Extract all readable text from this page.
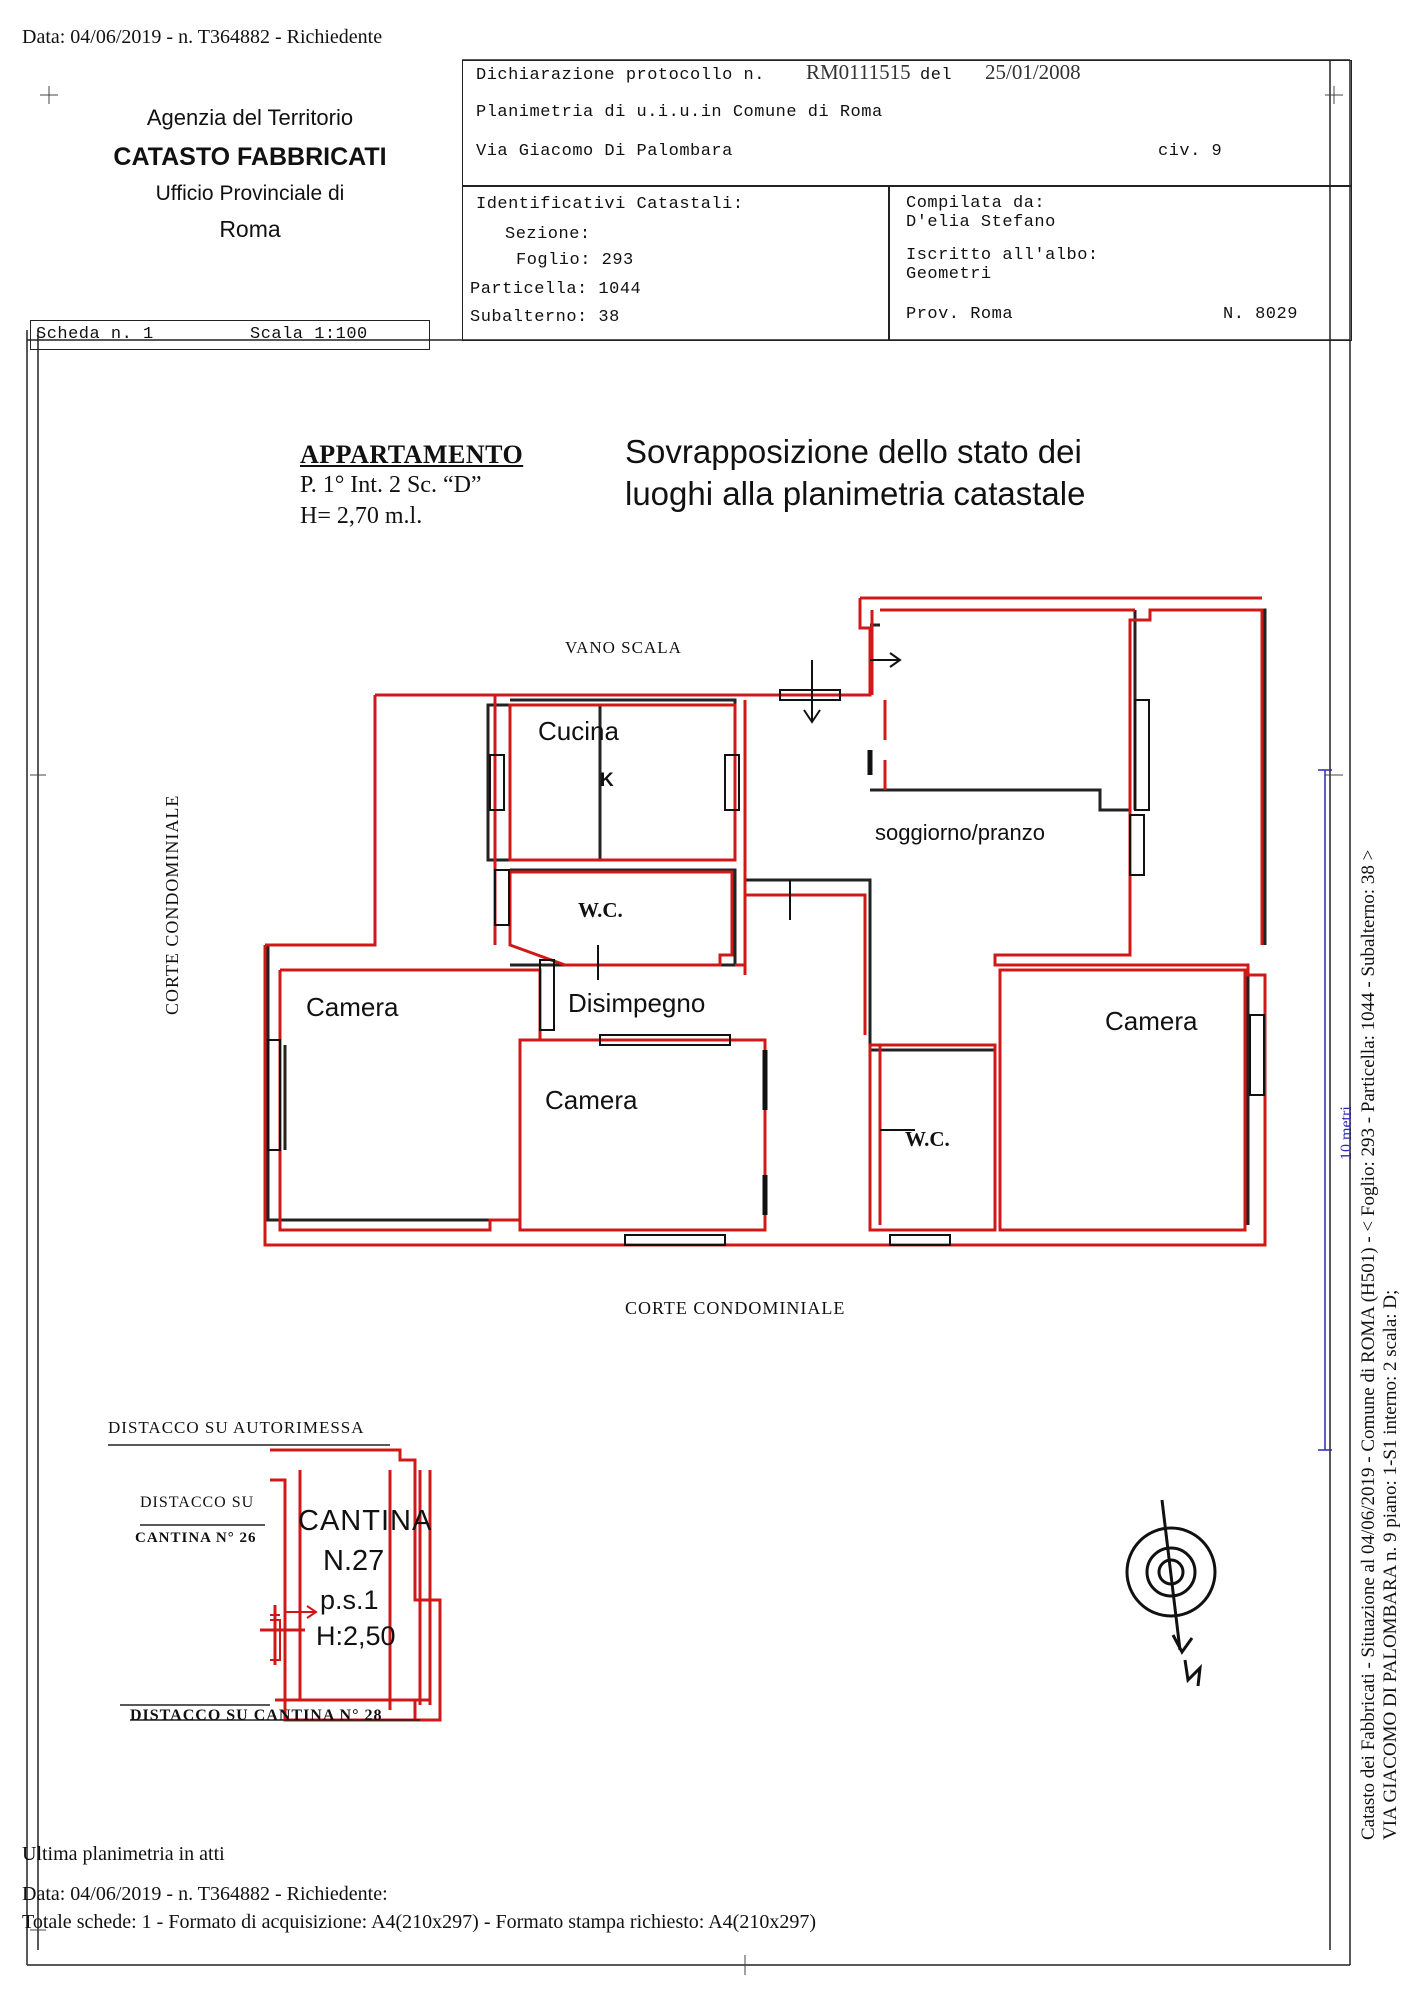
Data: 04/06/2019 - n. T364882 - Richiedente
Agenzia del Territorio
CATASTO FABBRICATI
Ufficio Provinciale di
Roma
Scheda n. 1	Scala 1:100
Dichiarazione protocollo n. RM0111515 del 25/01/2008
Planimetria di u.i.u.in Comune di Roma
Via Giacomo Di Palombara	civ. 9
Identificativi Catastali:
Sezione:
Foglio: 293
Particella: 1044
Subalterno: 38
Compilata da:
D'elia Stefano
Iscritto all'albo:
Geometri
Prov. Roma	N. 8029
APPARTAMENTO
P. 1° Int. 2 Sc. “D”
H= 2,70 m.l.
Sovrapposizione dello stato dei
luoghi alla planimetria catastale
VANO SCALA
CORTE CONDOMINIALE
CORTE CONDOMINIALE
Cucina
K
W.C.
soggiorno/pranzo
Camera	Disimpegno
Camera
W.C.
Camera
10 metri
DISTACCO SU AUTORIMESSA
DISTACCO SU
CANTINA N° 26
CANTINA
N.27
p.s.1
H:2,50
DISTACCO SU CANTINA N° 28	Catasto dei Fabbricati - Situazione al 04/06/2019 - Comune di ROMA (H501) - < Foglio: 293 - Particella: 1044 - Subalterno: 38 > VIA GIACOMO DI PALOMBARA n. 9 piano: 1-S1 interno: 2 scala: D;
Ultima planimetria in atti
Data: 04/06/2019 - n. T364882 - Richiedente:
Totale schede: 1 - Formato di acquisizione: A4(210x297) - Formato stampa richiesto: A4(210x297)
